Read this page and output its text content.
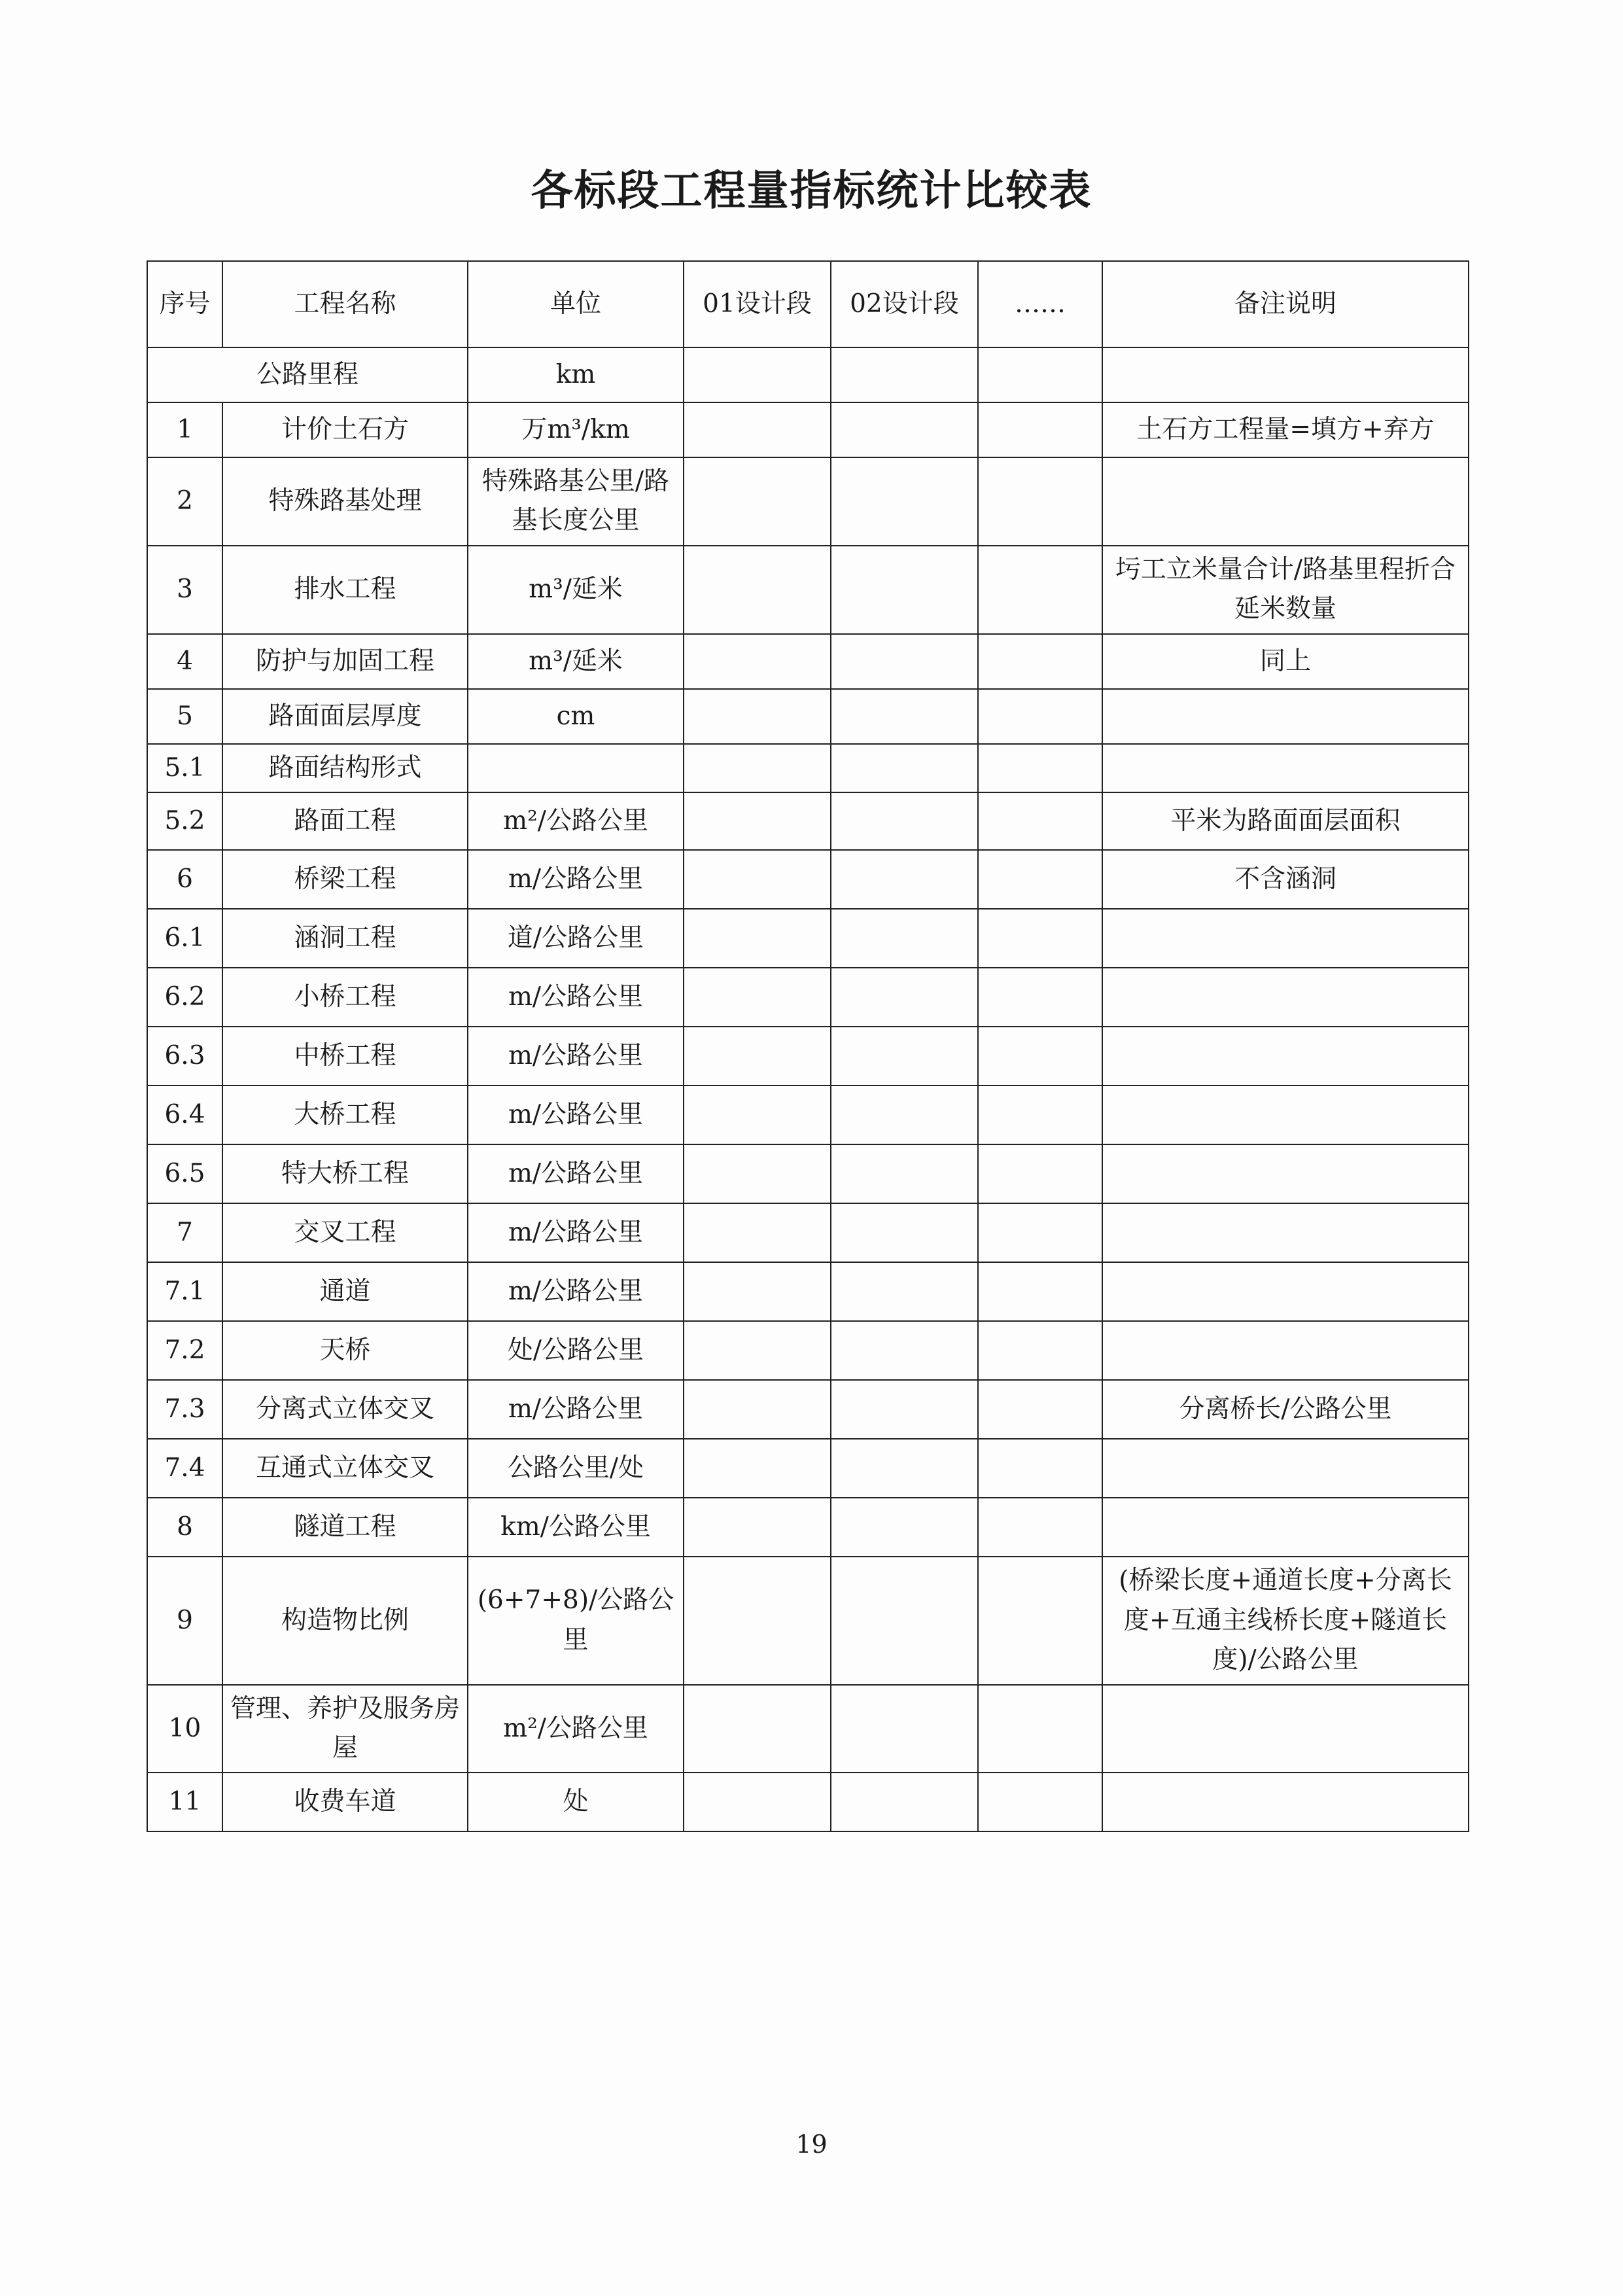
各标段工程量指标统计比较表
序号	工程名称	单位	01设计段	02设计段	……	备注说明
公路里程		km				
1	计价土石方	万m³/km				土石方工程量=填方+弃方
2	特殊路基处理	特殊路基公里/路基长度公里				
3	排水工程	m³/延米				圬工立米量合计/路基里程折合延米数量
4	防护与加固工程	m³/延米				同上
5	路面面层厚度	cm				
5.1	路面结构形式					
5.2	路面工程	m²/公路公里				平米为路面面层面积
6	桥梁工程	m/公路公里				不含涵洞
6.1	涵洞工程	道/公路公里				
6.2	小桥工程	m/公路公里				
6.3	中桥工程	m/公路公里				
6.4	大桥工程	m/公路公里				
6.5	特大桥工程	m/公路公里				
7	交叉工程	m/公路公里				
7.1	通道	m/公路公里				
7.2	天桥	处/公路公里				
7.3	分离式立体交叉	m/公路公里				分离桥长/公路公里
7.4	互通式立体交叉	公路公里/处				
8	隧道工程	km/公路公里				
9	构造物比例	(6+7+8)/公路公里				(桥梁长度+通道长度+分离长度+互通主线桥长度+隧道长度)/公路公里
10	管理、养护及服务房屋	m²/公路公里				
11	收费车道	处				
19
